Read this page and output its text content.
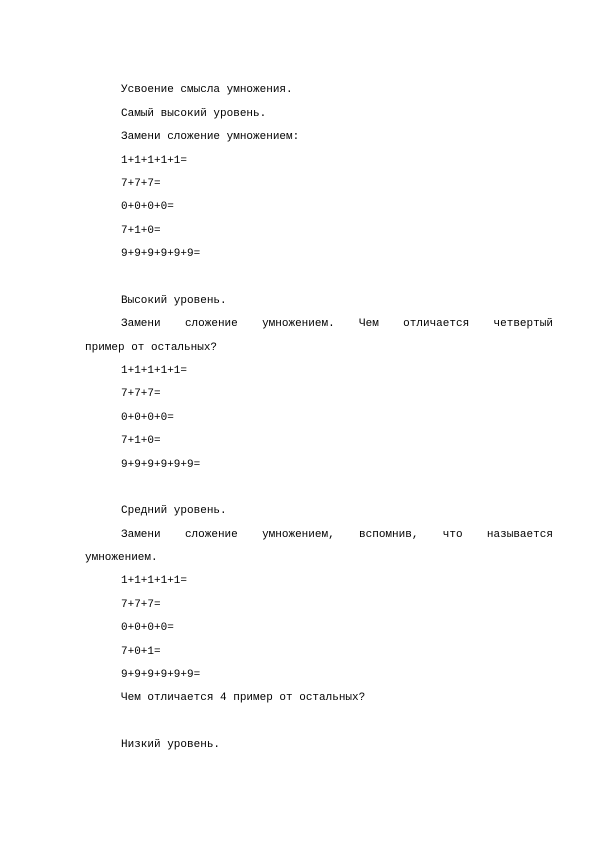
Усвоение смысла умножения.
Самый высокий уровень.
Замени сложение умножением:
1+1+1+1+1=
7+7+7=
0+0+0+0=
7+1+0=
9+9+9+9+9+9=
Высокий уровень.
Замени сложение умножением. Чем отличается четвертый
пример от остальных?
1+1+1+1+1=
7+7+7=
0+0+0+0=
7+1+0=
9+9+9+9+9+9=
Средний уровень.
Замени сложение умножением, вспомнив, что называется
умножением.
1+1+1+1+1=
7+7+7=
0+0+0+0=
7+0+1=
9+9+9+9+9+9=
Чем отличается 4 пример от остальных?
Низкий уровень.
